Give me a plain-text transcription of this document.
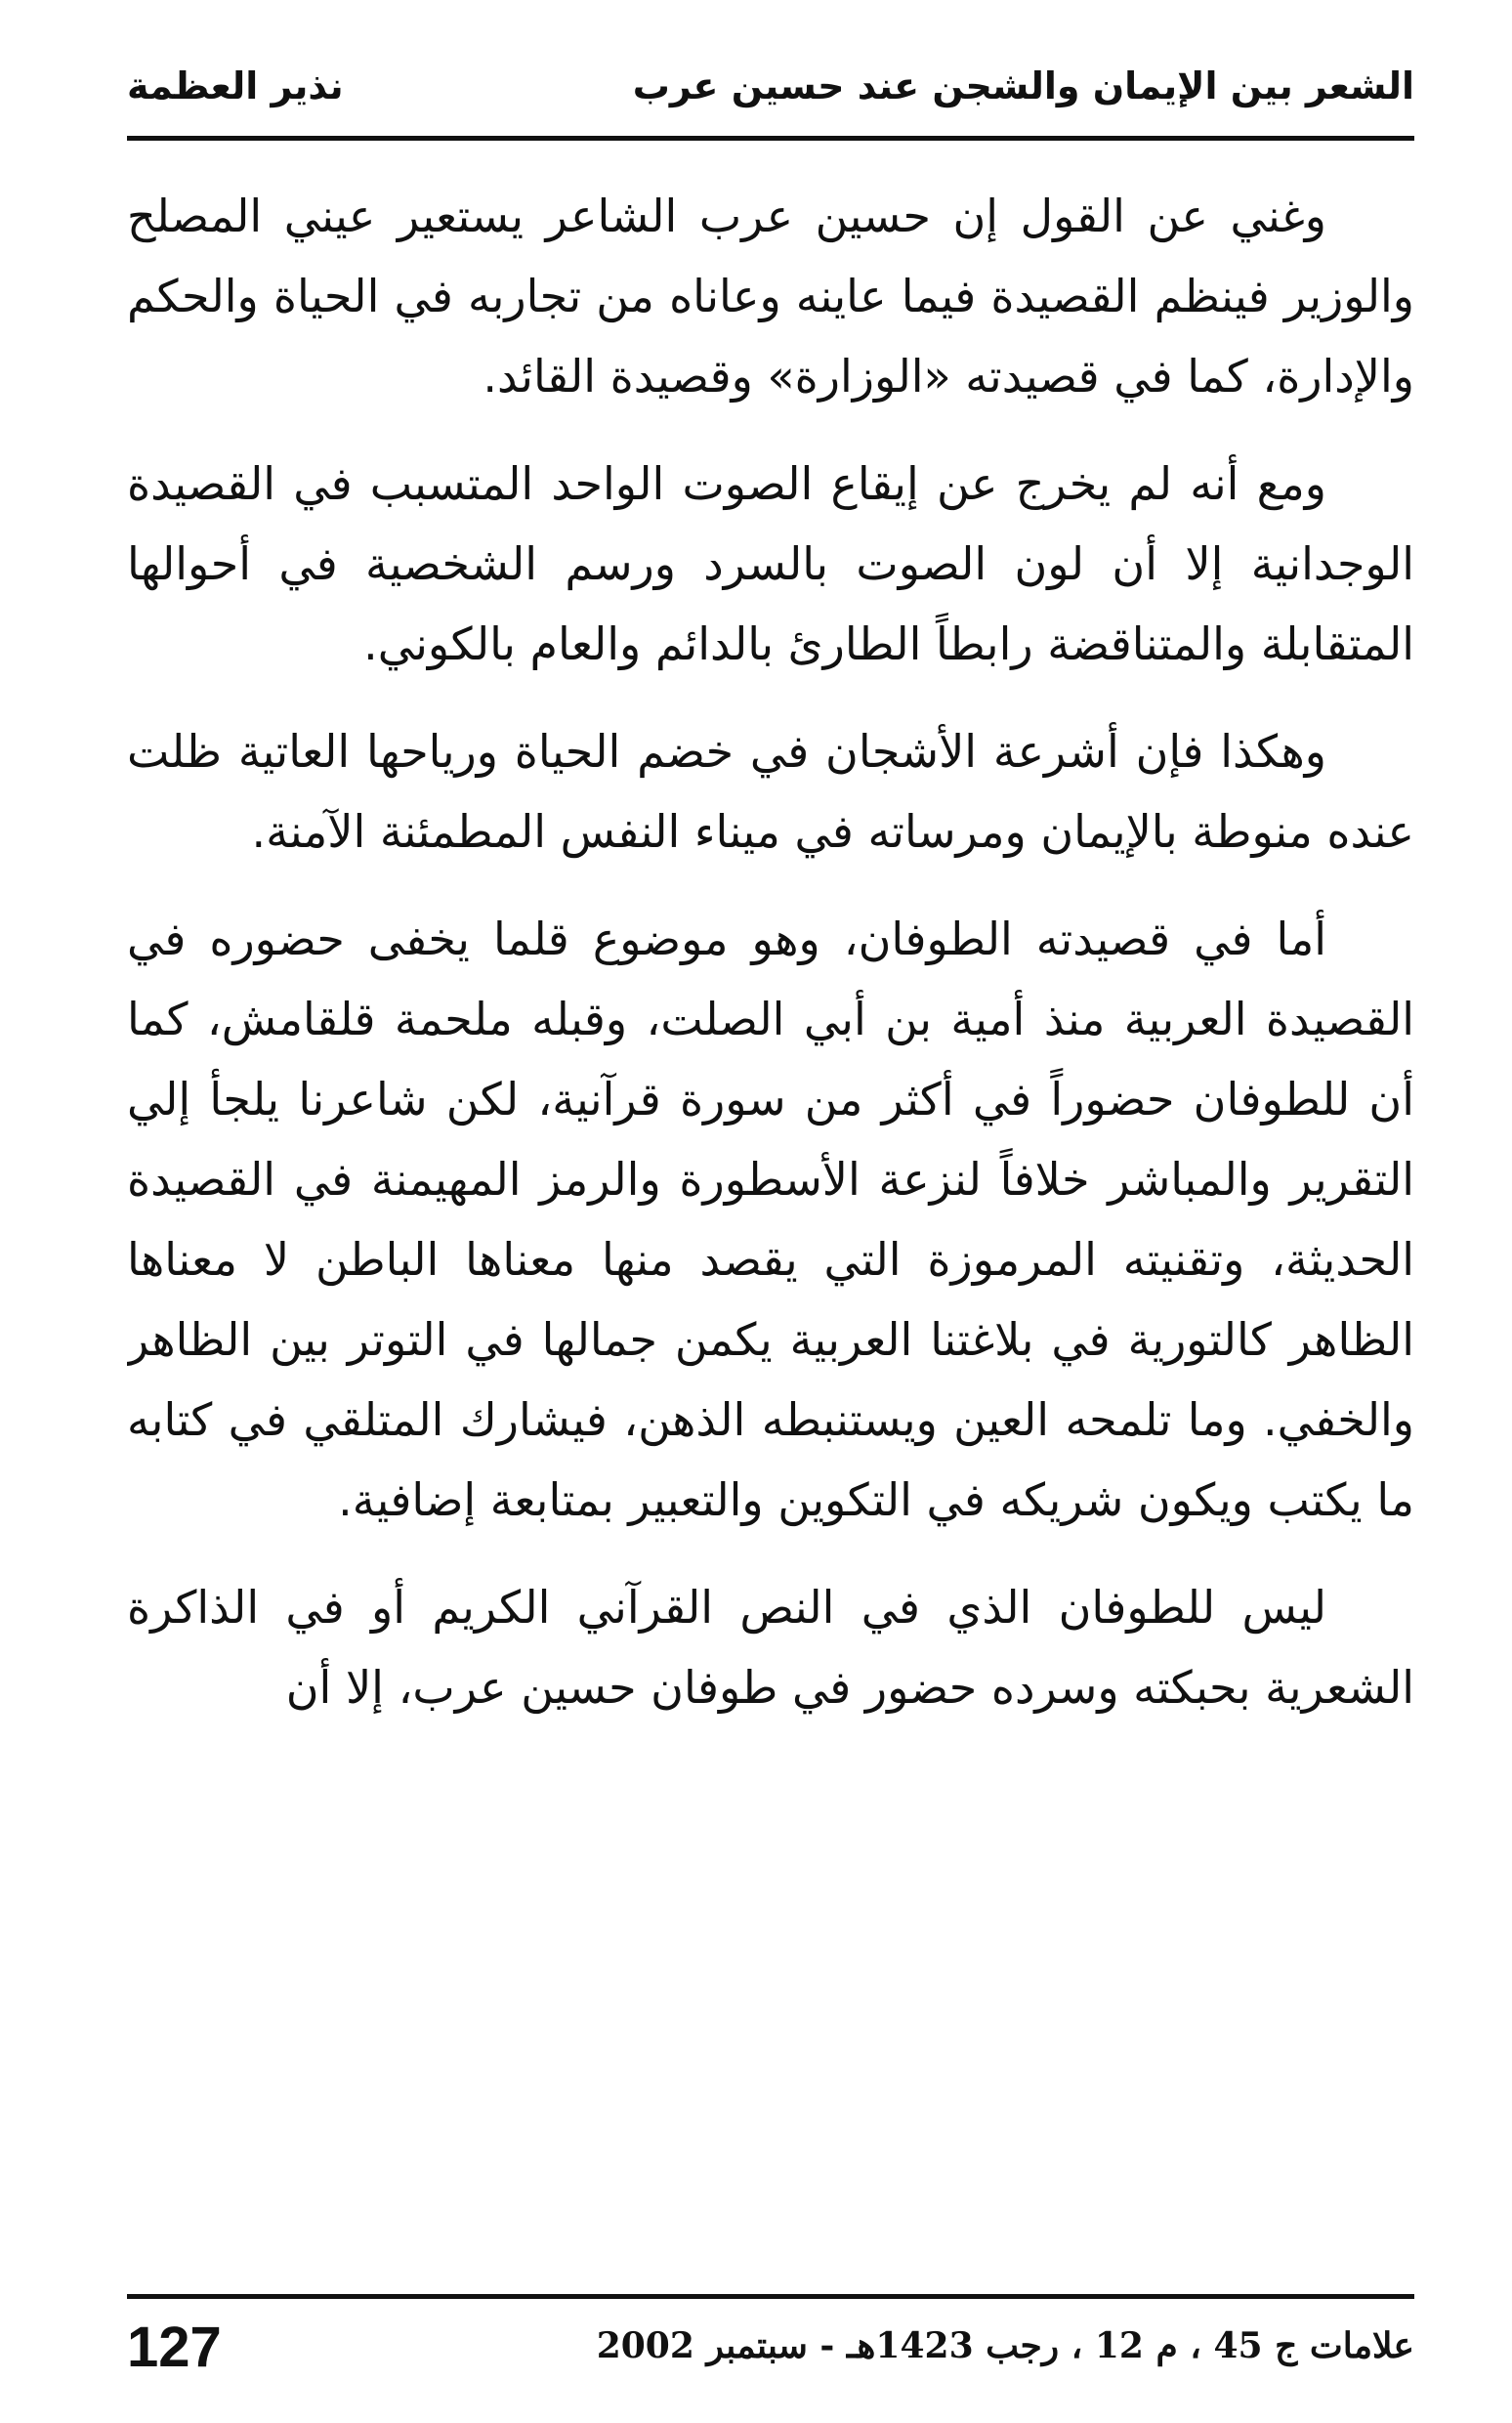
الشعر بين الإيمان والشجن عند حسين عرب
نذير العظمة

وغني عن القول إن حسين عرب الشاعر يستعير عيني المصلح والوزير فينظم القصيدة فيما عاينه وعاناه من تجاربه في الحياة والحكم والإدارة، كما في قصيدته «الوزارة» وقصيدة القائد.

ومع أنه لم يخرج عن إيقاع الصوت الواحد المتسبب في القصيدة الوجدانية إلا أن لون الصوت بالسرد ورسم الشخصية في أحوالها المتقابلة والمتناقضة رابطاً الطارئ بالدائم والعام بالكوني.

وهكذا فإن أشرعة الأشجان في خضم الحياة ورياحها العاتية ظلت عنده منوطة بالإيمان ومرساته في ميناء النفس المطمئنة الآمنة.

أما في قصيدته الطوفان، وهو موضوع قلما يخفى حضوره في القصيدة العربية منذ أمية بن أبي الصلت، وقبله ملحمة قلقامش، كما أن للطوفان حضوراً في أكثر من سورة قرآنية، لكن شاعرنا يلجأ إلي التقرير والمباشر خلافاً لنزعة الأسطورة والرمز المهيمنة في القصيدة الحديثة، وتقنيته المرموزة التي يقصد منها معناها الباطن لا معناها الظاهر كالتورية في بلاغتنا العربية يكمن جمالها في التوتر بين الظاهر والخفي. وما تلمحه العين ويستنبطه الذهن، فيشارك المتلقي في كتابه ما يكتب ويكون شريكه في التكوين والتعبير بمتابعة إضافية.

ليس للطوفان الذي في النص القرآني الكريم أو في الذاكرة الشعرية بحبكته وسرده حضور في طوفان حسين عرب، إلا أن

علامات ج 45 ، م 12 ، رجب 1423هـ - سبتمبر 2002
127
